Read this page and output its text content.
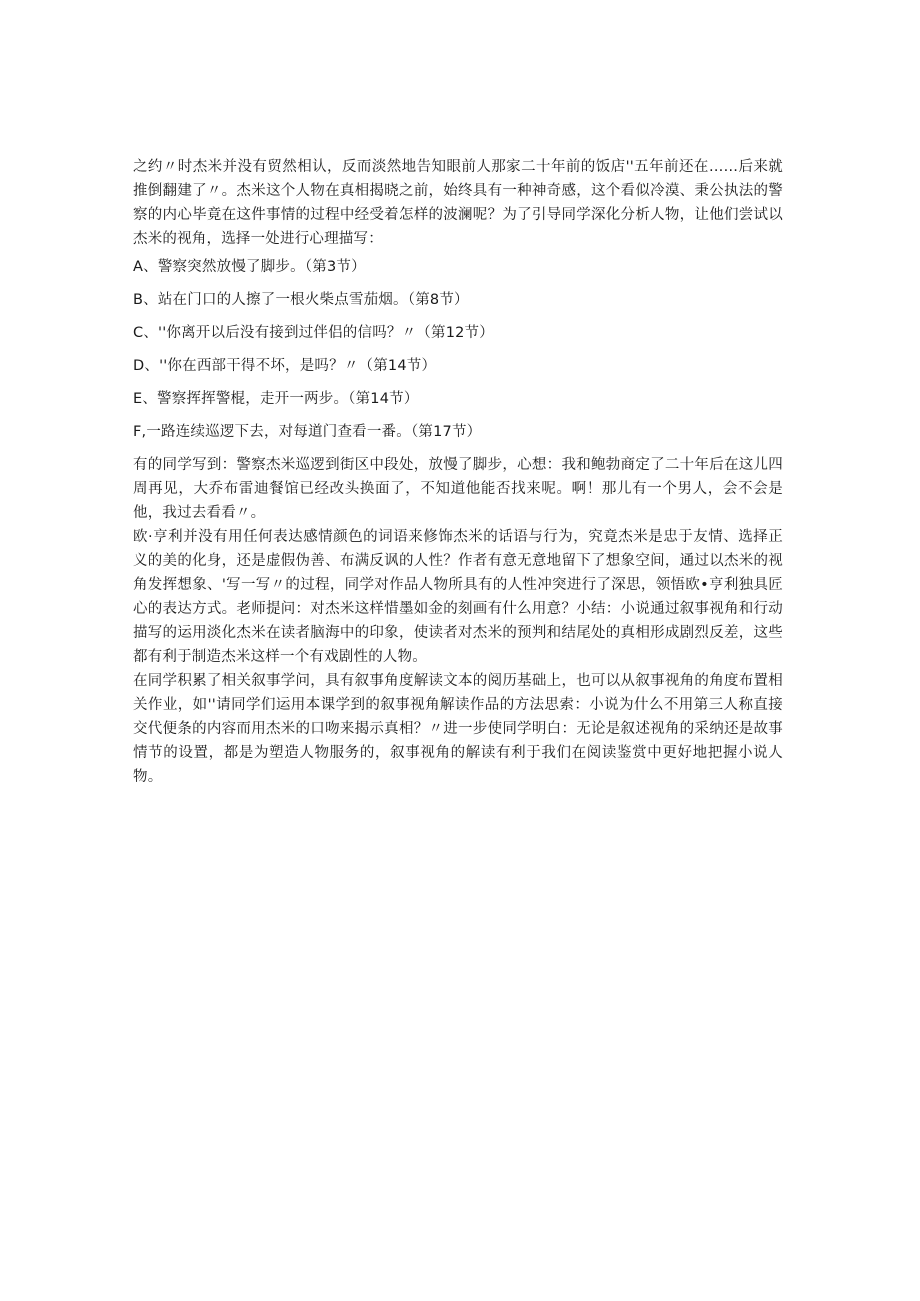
之约〃时杰米并没有贸然相认，反而淡然地告知眼前人那家二十年前的饭店''五年前还在……后来就推倒翻建了〃。杰米这个人物在真相揭晓之前，始终具有一种神奇感，这个看似冷漠、秉公执法的警察的内心毕竟在这件事情的过程中经受着怎样的波澜呢？为了引导同学深化分析人物，让他们尝试以杰米的视角，选择一处进行心理描写：

A、警察突然放慢了脚步。（第3节）
B、站在门口的人擦了一根火柴点雪茄烟。（第8节）
C、''你离开以后没有接到过伴侣的信吗？〃（第12节）
D、''你在西部干得不坏，是吗？〃（第14节）
E、警察挥挥警棍，走开一两步。（第14节）
F,一路连续巡逻下去，对每道门查看一番。（第17节）

有的同学写到：警察杰米巡逻到街区中段处，放慢了脚步，心想：我和鲍勃商定了二十年后在这儿四周再见，大乔布雷迪餐馆已经改头换面了，不知道他能否找来呢。啊！那儿有一个男人，会不会是他，我过去看看〃。

欧·亨利并没有用任何表达感情颜色的词语来修饰杰米的话语与行为，究竟杰米是忠于友情、选择正义的美的化身，还是虚假伪善、布满反讽的人性？作者有意无意地留下了想象空间，通过以杰米的视角发挥想象、'写一写〃的过程，同学对作品人物所具有的人性冲突进行了深思，领悟欧•亨利独具匠心的表达方式。老师提问：对杰米这样惜墨如金的刻画有什么用意？小结：小说通过叙事视角和行动描写的运用淡化杰米在读者脑海中的印象，使读者对杰米的预判和结尾处的真相形成剧烈反差，这些都有利于制造杰米这样一个有戏剧性的人物。

在同学积累了相关叙事学问，具有叙事角度解读文本的阅历基础上，也可以从叙事视角的角度布置相关作业，如''请同学们运用本课学到的叙事视角解读作品的方法思索：小说为什么不用第三人称直接交代便条的内容而用杰米的口吻来揭示真相？〃进一步使同学明白：无论是叙述视角的采纳还是故事情节的设置，都是为塑造人物服务的，叙事视角的解读有利于我们在阅读鉴赏中更好地把握小说人物。
